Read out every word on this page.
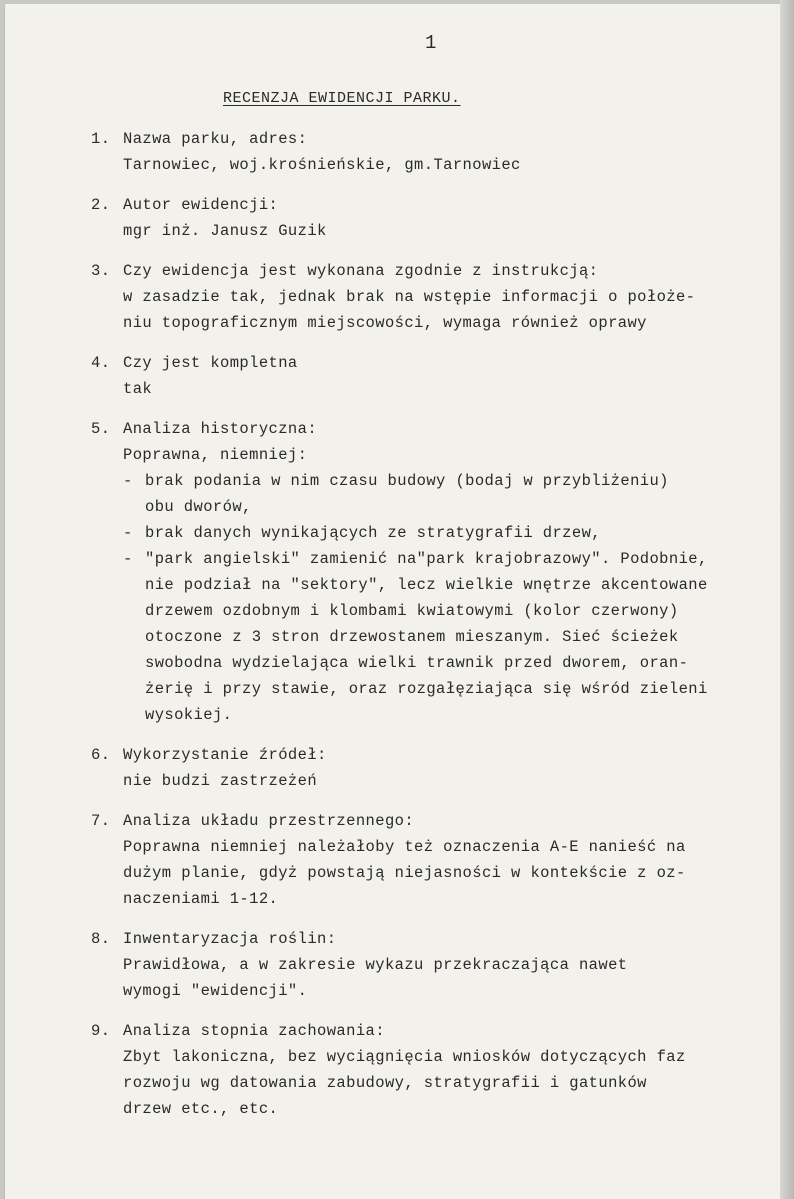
1
RECENZJA EWIDENCJI PARKU.
1. Nazwa parku, adres:
Tarnowiec, woj.krośnieńskie, gm.Tarnowiec
2. Autor ewidencji:
mgr inż. Janusz Guzik
3. Czy ewidencja jest wykonana zgodnie z instrukcją:
w zasadzie tak, jednak brak na wstępie informacji o położe-
niu topograficznym miejscowości, wymaga również oprawy
4. Czy jest kompletna
tak
5. Analiza historyczna:
Poprawna, niemniej:
- brak podania w nim czasu budowy (bodaj w przybliżeniu)
obu dworów,
- brak danych wynikających ze stratygrafii drzew,
- "park angielski" zamienić na"park krajobrazowy". Podobnie,
nie podział na "sektory", lecz wielkie wnętrze akcentowane
drzewem ozdobnym i klombami kwiatowymi (kolor czerwony)
otoczone z 3 stron drzewostanem mieszanym. Sieć ścieżek
swobodna wydzielająca wielki trawnik przed dworem, oran-
żerię i przy stawie, oraz rozgałęziająca się wśród zieleni
wysokiej.
6. Wykorzystanie źródeł:
nie budzi zastrzeżeń
7. Analiza układu przestrzennego:
Poprawna niemniej należałoby też oznaczenia A-E nanieść na
dużym planie, gdyż powstają niejasności w kontekście z oz-
naczeniami 1-12.
8. Inwentaryzacja roślin:
Prawidłowa, a w zakresie wykazu przekraczająca nawet
wymogi "ewidencji".
9. Analiza stopnia zachowania:
Zbyt lakoniczna, bez wyciągnięcia wniosków dotyczących faz
rozwoju wg datowania zabudowy, stratygrafii i gatunków
drzew etc., etc.
